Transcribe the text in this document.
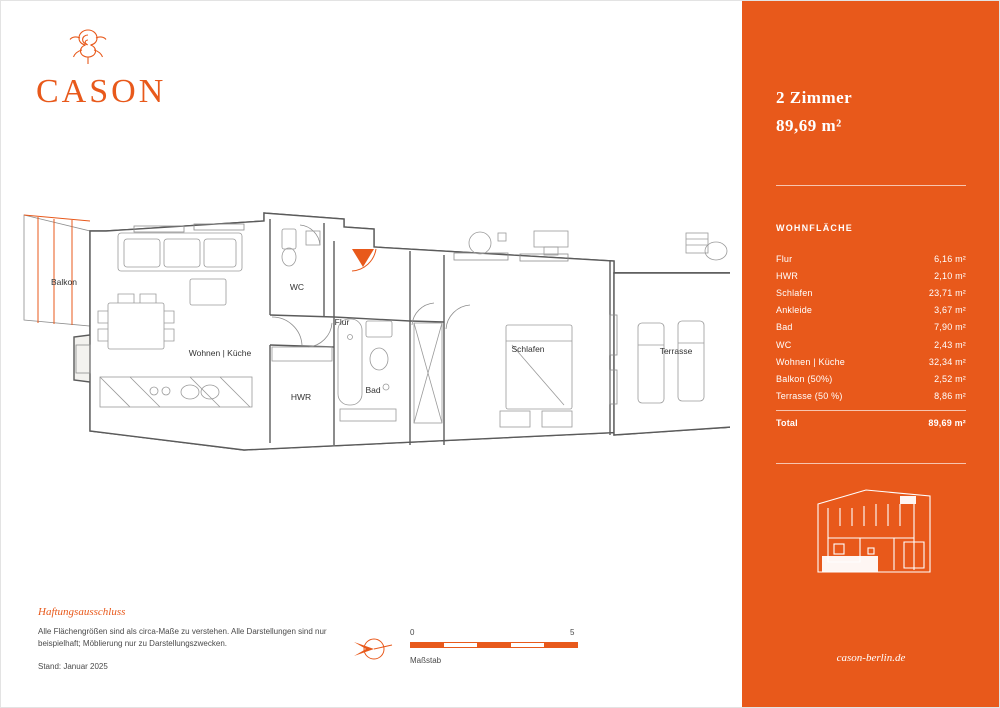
CASON
Balkon	WC
Flur
Wohnen | Küche
HWR
Bad
Schlafen	Terrasse
Haftungsausschluss

Alle Flächengrößen sind als circa-Maße zu verstehen. Alle Darstellungen sind nur beispielhaft; Möblierung nur zu Darstellungszwecken.

Stand: Januar 2025
0	5
Maßstab
2 Zimmer
89,69 m²
WOHNFLÄCHE
Flur	6,16 m²
HWR	2,10 m²
Schlafen	23,71 m²
Ankleide	3,67 m²
Bad	7,90 m²
WC	2,43 m²
Wohnen | Küche	32,34 m²
Balkon (50%)	2,52 m²
Terrasse (50 %)	8,86 m²
Total	89,69 m²
cason-berlin.de
